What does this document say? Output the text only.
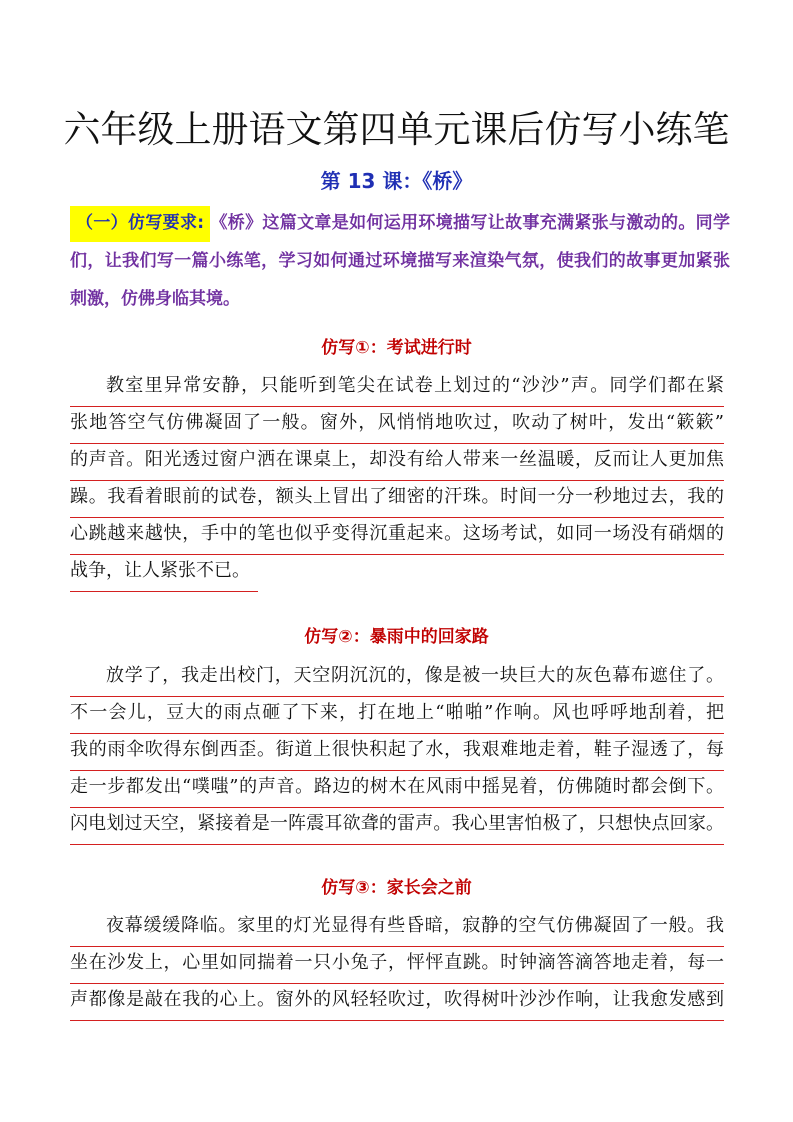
六年级上册语文第四单元课后仿写小练笔
第 13 课：《桥》

（一）仿写要求: 《桥》这篇文章是如何运用环境描写让故事充满紧张与激动的。同学们，让我们写一篇小练笔，学习如何通过环境描写来渲染气氛，使我们的故事更加紧张刺激，仿佛身临其境。

仿写①：考试进行时
教室里异常安静，只能听到笔尖在试卷上划过的“沙沙”声。同学们都在紧
张地答空气仿佛凝固了一般。窗外，风悄悄地吹过，吹动了树叶，发出“簌簌”
的声音。阳光透过窗户洒在课桌上，却没有给人带来一丝温暖，反而让人更加焦
躁。我看着眼前的试卷，额头上冒出了细密的汗珠。时间一分一秒地过去，我的
心跳越来越快，手中的笔也似乎变得沉重起来。这场考试，如同一场没有硝烟的
战争，让人紧张不已。
仿写②：暴雨中的回家路
放学了，我走出校门，天空阴沉沉的，像是被一块巨大的灰色幕布遮住了。
不一会儿，豆大的雨点砸了下来，打在地上“啪啪”作响。风也呼呼地刮着，把
我的雨伞吹得东倒西歪。街道上很快积起了水，我艰难地走着，鞋子湿透了，每
走一步都发出“噗嗤”的声音。路边的树木在风雨中摇晃着，仿佛随时都会倒下。
闪电划过天空，紧接着是一阵震耳欲聋的雷声。我心里害怕极了，只想快点回家。
仿写③：家长会之前
夜幕缓缓降临。家里的灯光显得有些昏暗，寂静的空气仿佛凝固了一般。我
坐在沙发上，心里如同揣着一只小兔子，怦怦直跳。时钟滴答滴答地走着，每一
声都像是敲在我的心上。窗外的风轻轻吹过，吹得树叶沙沙作响，让我愈发感到
